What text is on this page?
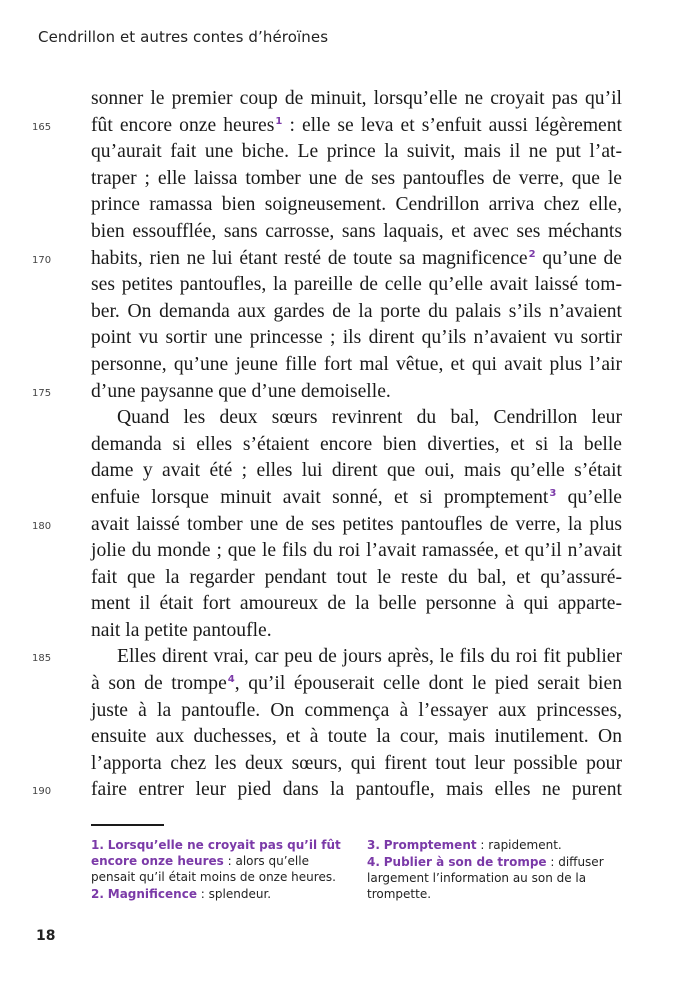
Cendrillon et autres contes d’héroïnes
sonner le premier coup de minuit, lorsqu’elle ne croyait pas qu’il
165	fût encore onze heures$^1$ : elle se leva et s’enfuit aussi légèrement
qu’aurait fait une biche. Le prince la suivit, mais il ne put l’at-
traper ; elle laissa tomber une de ses pantoufles de verre, que le
prince ramassa bien soigneusement. Cendrillon arriva chez elle,
bien essoufflée, sans carrosse, sans laquais, et avec ses méchants
170	habits, rien ne lui étant resté de toute sa magnificence$^2$ qu’une de
ses petites pantoufles, la pareille de celle qu’elle avait laissé tom-
ber. On demanda aux gardes de la porte du palais s’ils n’avaient
point vu sortir une princesse ; ils dirent qu’ils n’avaient vu sortir
personne, qu’une jeune fille fort mal vêtue, et qui avait plus l’air
175	d’une paysanne que d’une demoiselle.
Quand les deux sœurs revinrent du bal, Cendrillon leur
demanda si elles s’étaient encore bien diverties, et si la belle
dame y avait été ; elles lui dirent que oui, mais qu’elle s’était
enfuie lorsque minuit avait sonné, et si promptement$^3$ qu’elle
180	avait laissé tomber une de ses petites pantoufles de verre, la plus
jolie du monde ; que le fils du roi l’avait ramassée, et qu’il n’avait
fait que la regarder pendant tout le reste du bal, et qu’assuré-
ment il était fort amoureux de la belle personne à qui apparte-
nait la petite pantoufle.
185	Elles dirent vrai, car peu de jours après, le fils du roi fit publier
à son de trompe$^4$, qu’il épouserait celle dont le pied serait bien
juste à la pantoufle. On commença à l’essayer aux princesses,
ensuite aux duchesses, et à toute la cour, mais inutilement. On
l’apporta chez les deux sœurs, qui firent tout leur possible pour
190	faire entrer leur pied dans la pantoufle, mais elles ne purent
1. Lorsqu’elle ne croyait pas qu’il fût encore onze heures : alors qu’elle pensait qu’il était moins de onze heures.
2. Magnificence : splendeur.
3. Promptement : rapidement.
4. Publier à son de trompe : diffuser largement l’information au son de la trompette.
18
